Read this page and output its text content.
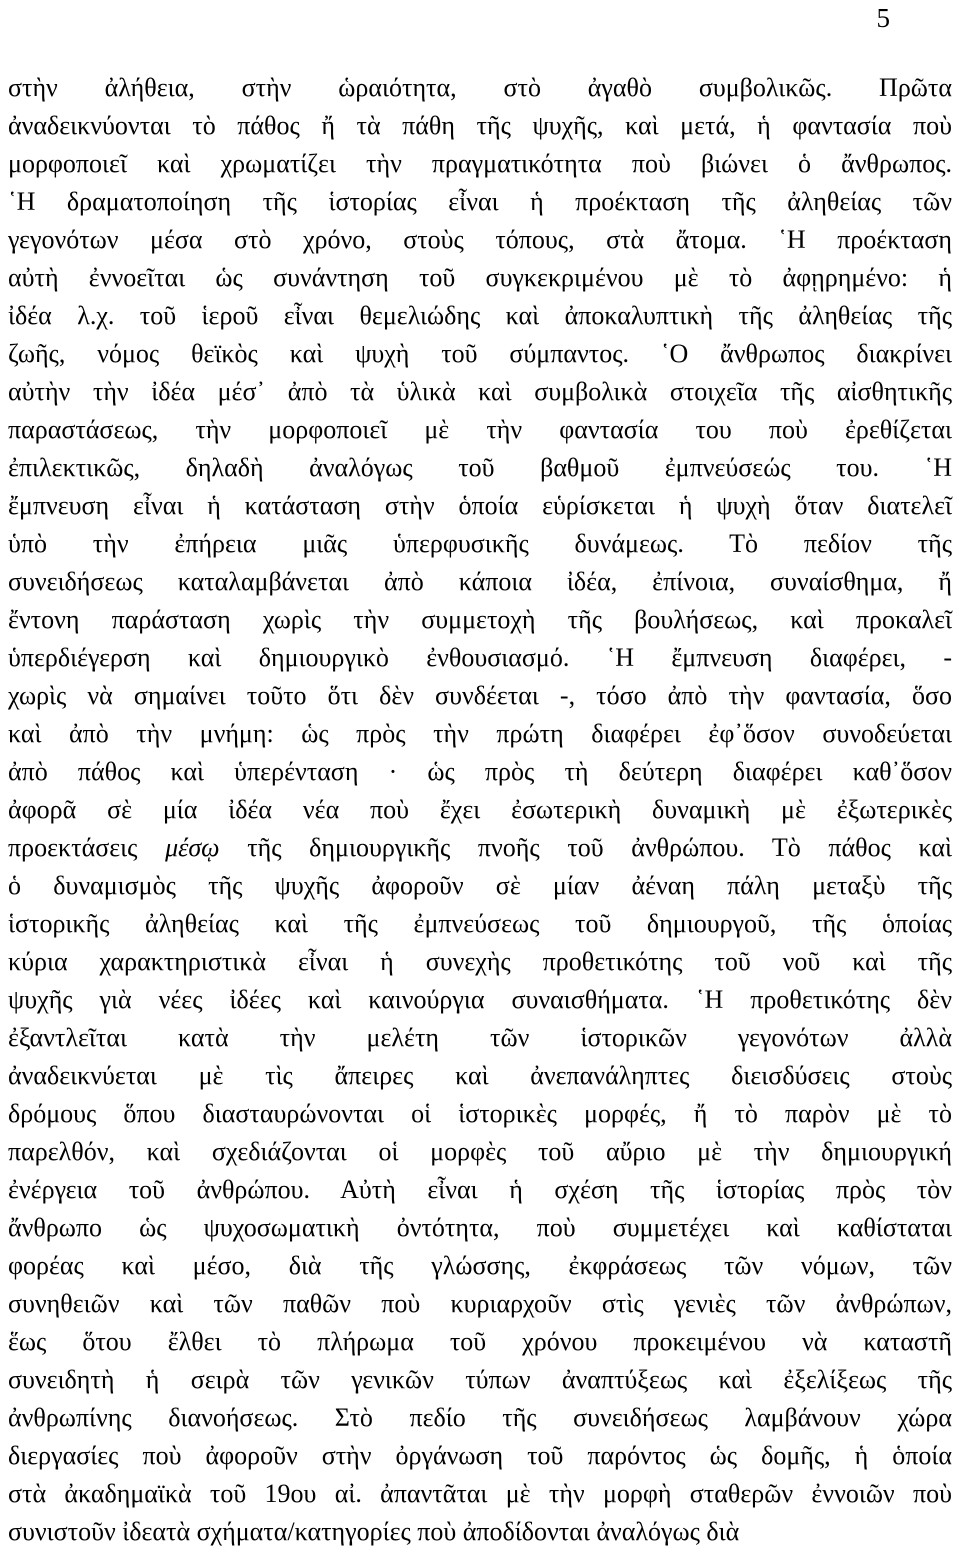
5
στὴν ἀλήθεια, στὴν ὡραιότητα, στὸ ἀγαθὸ συμβολικῶς. Πρῶτα
ἀναδεικνύονται τὸ πάθος ἤ τὰ πάθη τῆς ψυχῆς, καὶ μετά, ἡ φαντασία ποὺ
μορφοποιεῖ καὶ χρωματίζει τὴν πραγματικότητα ποὺ βιώνει ὁ ἄνθρωπος.
῾Η δραματοποίηση τῆς ἱστορίας εἶναι ἡ προέκταση τῆς ἀληθείας τῶν
γεγονότων μέσα στὸ χρόνο, στοὺς τόπους, στὰ ἄτομα. ῾Η προέκταση
αὐτὴ ἐννοεῖται ὡς συνάντηση τοῦ συγκεκριμένου μὲ τὸ ἀφῃρημένο: ἡ
ἰδέα λ.χ. τοῦ ἱεροῦ εἶναι θεμελιώδης καὶ ἀποκαλυπτικὴ τῆς ἀληθείας τῆς
ζωῆς, νόμος θεϊκὸς καὶ ψυχὴ τοῦ σύμπαντος. ῾Ο ἄνθρωπος διακρίνει
αὐτὴν τὴν ἰδέα μέσ᾽ ἀπὸ τὰ ὑλικὰ καὶ συμβολικὰ στοιχεῖα τῆς αἰσθητικῆς
παραστάσεως, τὴν μορφοποιεῖ μὲ τὴν φαντασία του ποὺ ἐρεθίζεται
ἐπιλεκτικῶς, δηλαδὴ ἀναλόγως τοῦ βαθμοῦ ἐμπνεύσεώς του. ῾Η
ἔμπνευση εἶναι ἡ κατάσταση στὴν ὁποία εὑρίσκεται ἡ ψυχὴ ὅταν διατελεῖ
ὑπὸ τὴν ἐπήρεια μιᾶς ὑπερφυσικῆς δυνάμεως. Τὸ πεδίον τῆς
συνειδήσεως καταλαμβάνεται ἀπὸ κάποια ἰδέα, ἐπίνοια, συναίσθημα, ἤ
ἔντονη παράσταση χωρὶς τὴν συμμετοχὴ τῆς βουλήσεως, καὶ προκαλεῖ
ὑπερδιέγερση καὶ δημιουργικὸ ἐνθουσιασμό. ῾Η ἔμπνευση διαφέρει, -
χωρὶς νὰ σημαίνει τοῦτο ὅτι δὲν συνδέεται -, τόσο ἀπὸ τὴν φαντασία, ὅσο
καὶ ἀπὸ τὴν μνήμη: ὡς πρὸς τὴν πρώτη διαφέρει ἐφ᾽ὅσον συνοδεύεται
ἀπὸ πάθος καὶ ὑπερένταση · ὡς πρὸς τὴ δεύτερη διαφέρει καθ᾽ὅσον
ἀφορᾶ σὲ μία ἰδέα νέα ποὺ ἔχει ἐσωτερικὴ δυναμικὴ μὲ ἐξωτερικὲς
προεκτάσεις μέσῳ τῆς δημιουργικῆς πνοῆς τοῦ ἀνθρώπου. Τὸ πάθος καὶ
ὁ δυναμισμὸς τῆς ψυχῆς ἀφοροῦν σὲ μίαν ἀέναη πάλη μεταξὺ τῆς
ἱστορικῆς ἀληθείας καὶ τῆς ἐμπνεύσεως τοῦ δημιουργοῦ, τῆς ὁποίας
κύρια χαρακτηριστικὰ εἶναι ἡ συνεχὴς προθετικότης τοῦ νοῦ καὶ τῆς
ψυχῆς γιὰ νέες ἰδέες καὶ καινούργια συναισθήματα. ῾Η προθετικότης δὲν
ἐξαντλεῖται κατὰ τὴν μελέτη τῶν ἱστορικῶν γεγονότων ἀλλὰ
ἀναδεικνύεται μὲ τὶς ἄπειρες καὶ ἀνεπανάληπτες διεισδύσεις στοὺς
δρόμους ὅπου διασταυρώνονται οἱ ἱστορικὲς μορφές, ἤ τὸ παρὸν μὲ τὸ
παρελθόν, καὶ σχεδιάζονται οἱ μορφὲς τοῦ αὔριο μὲ τὴν δημιουργική
ἐνέργεια τοῦ ἀνθρώπου. Αὐτὴ εἶναι ἡ σχέση τῆς ἱστορίας πρὸς τὸν
ἄνθρωπο ὡς ψυχοσωματικὴ ὀντότητα, ποὺ συμμετέχει καὶ καθίσταται
φορέας καὶ μέσο, διὰ τῆς γλώσσης, ἐκφράσεως τῶν νόμων, τῶν
συνηθειῶν καὶ τῶν παθῶν ποὺ κυριαρχοῦν στὶς γενιὲς τῶν ἀνθρώπων,
ἕως ὅτου ἔλθει τὸ πλήρωμα τοῦ χρόνου προκειμένου νὰ καταστῆ
συνειδητὴ ἡ σειρὰ τῶν γενικῶν τύπων ἀναπτύξεως καὶ ἐξελίξεως τῆς
ἀνθρωπίνης διανοήσεως. Στὸ πεδίο τῆς συνειδήσεως λαμβάνουν χώρα
διεργασίες ποὺ ἀφοροῦν στὴν ὀργάνωση τοῦ παρόντος ὡς δομῆς, ἡ ὁποία
στὰ ἀκαδημαϊκὰ τοῦ 19ου αἰ. ἀπαντᾶται μὲ τὴν μορφὴ σταθερῶν ἐννοιῶν ποὺ
συνιστοῦν ἰδεατὰ σχήματα/κατηγορίες ποὺ ἀποδίδονται ἀναλόγως διὰ
